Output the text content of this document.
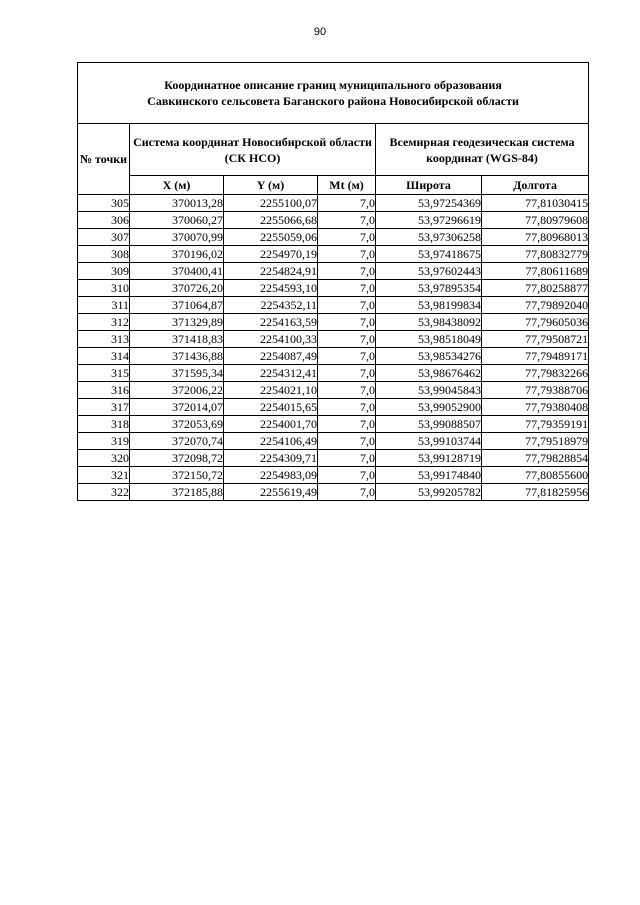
90
Координатное описание границ муниципального образования
Савкинского сельсовета Баганского района Новосибирской области					

№ точки	Система координат Новосибирской области (СК НСО)			Всемирная геодезическая система координат (WGS-84)	
	X (м)	Y (м)	Mt (м)	Широта	Долгота
305	370013,28	2255100,07	7,0	53,97254369	77,81030415
306	370060,27	2255066,68	7,0	53,97296619	77,80979608
307	370070,99	2255059,06	7,0	53,97306258	77,80968013
308	370196,02	2254970,19	7,0	53,97418675	77,80832779
309	370400,41	2254824,91	7,0	53,97602443	77,80611689
310	370726,20	2254593,10	7,0	53,97895354	77,80258877
311	371064,87	2254352,11	7,0	53,98199834	77,79892040
312	371329,89	2254163,59	7,0	53,98438092	77,79605036
313	371418,83	2254100,33	7,0	53,98518049	77,79508721
314	371436,88	2254087,49	7,0	53,98534276	77,79489171
315	371595,34	2254312,41	7,0	53,98676462	77,79832266
316	372006,22	2254021,10	7,0	53,99045843	77,79388706
317	372014,07	2254015,65	7,0	53,99052900	77,79380408
318	372053,69	2254001,70	7,0	53,99088507	77,79359191
319	372070,74	2254106,49	7,0	53,99103744	77,79518979
320	372098,72	2254309,71	7,0	53,99128719	77,79828854
321	372150,72	2254983,09	7,0	53,99174840	77,80855600
322	372185,88	2255619,49	7,0	53,99205782	77,81825956
